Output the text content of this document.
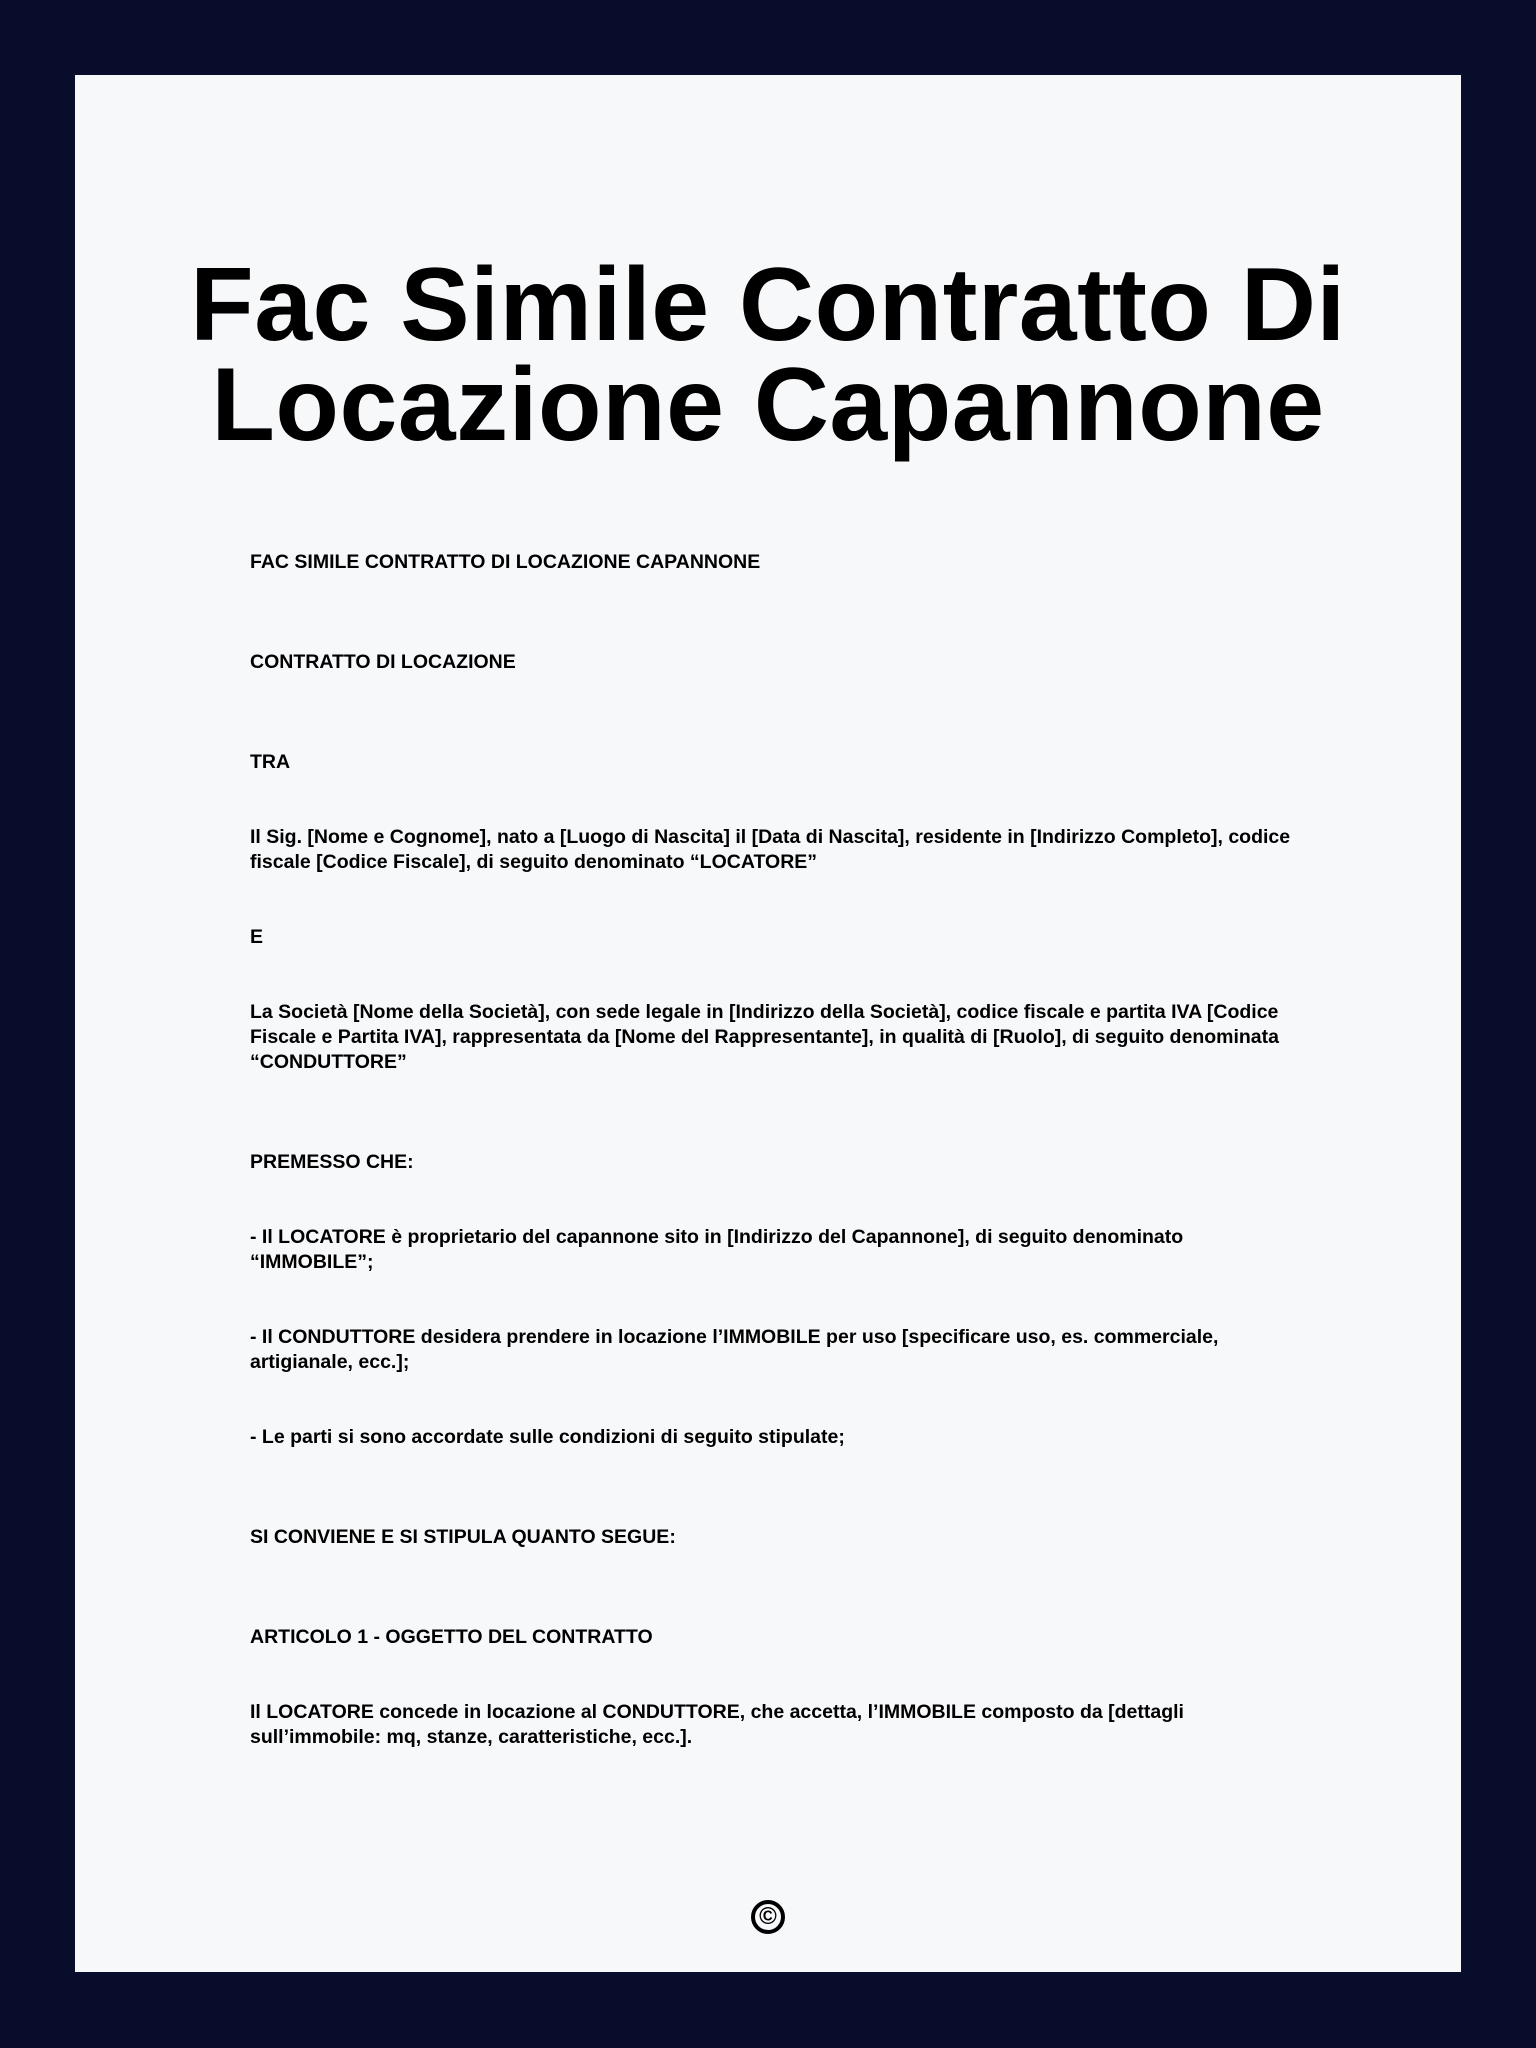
Fac Simile Contratto Di Locazione Capannone

FAC SIMILE CONTRATTO DI LOCAZIONE CAPANNONE

CONTRATTO DI LOCAZIONE

TRA

Il Sig. [Nome e Cognome], nato a [Luogo di Nascita] il [Data di Nascita], residente in [Indirizzo Completo], codice fiscale [Codice Fiscale], di seguito denominato “LOCATORE”

E

La Società [Nome della Società], con sede legale in [Indirizzo della Società], codice fiscale e partita IVA [Codice Fiscale e Partita IVA], rappresentata da [Nome del Rappresentante], in qualità di [Ruolo], di seguito denominata “CONDUTTORE”

PREMESSO CHE:

- Il LOCATORE è proprietario del capannone sito in [Indirizzo del Capannone], di seguito denominato “IMMOBILE”;

- Il CONDUTTORE desidera prendere in locazione l’IMMOBILE per uso [specificare uso, es. commerciale, artigianale, ecc.];

- Le parti si sono accordate sulle condizioni di seguito stipulate;

SI CONVIENE E SI STIPULA QUANTO SEGUE:

ARTICOLO 1 - OGGETTO DEL CONTRATTO

Il LOCATORE concede in locazione al CONDUTTORE, che accetta, l’IMMOBILE composto da [dettagli sull’immobile: mq, stanze, caratteristiche, ecc.].

©
